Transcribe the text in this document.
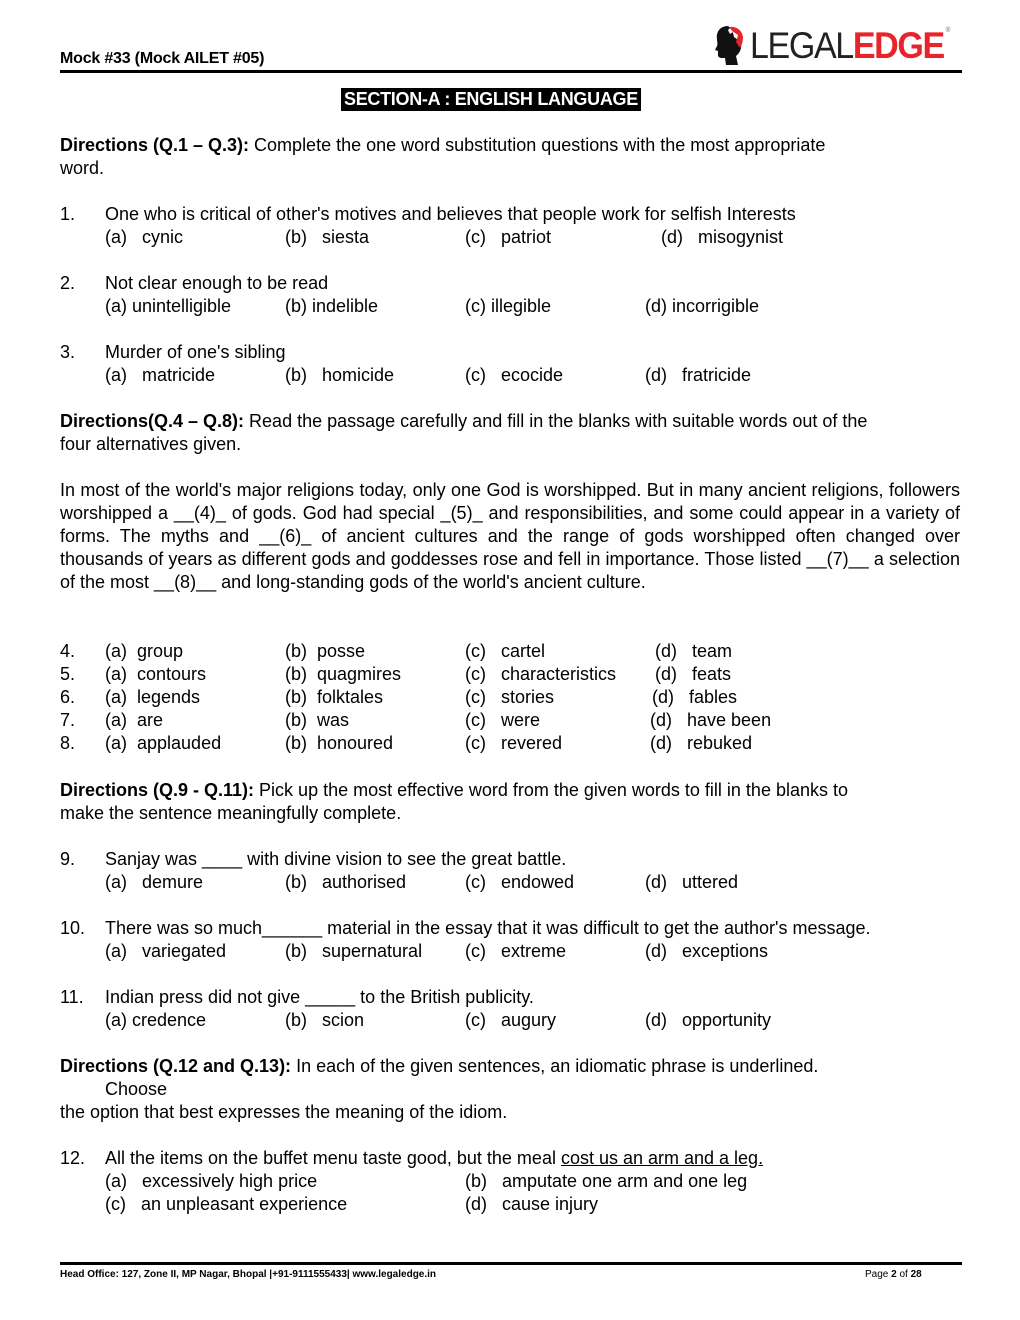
Mock #33 (Mock AILET #05)	LEGALEDGE ®
SECTION-A : ENGLISH LANGUAGE
Directions (Q.1 – Q.3): Complete the one word substitution questions with the most appropriate
word.
1. One who is critical of other's motives and believes that people work for selfish Interests
(a)   cynic	(b)   siesta	(c)   patriot	(d)   misogynist
2. Not clear enough to be read
(a) unintelligible	(b) indelible	(c) illegible	(d) incorrigible
3. Murder of one's sibling
(a)   matricide	(b)   homicide	(c)   ecocide	(d)   fratricide
Directions(Q.4 – Q.8): Read the passage carefully and fill in the blanks with suitable words out of the
four alternatives given.

In most of the world's major religions today, only one God is worshipped. But in many ancient religions, followers worshipped a __(4)_ of gods. God had special _(5)_ and responsibilities, and some could appear in a variety of forms. The myths and __(6)_ of ancient cultures and the range of gods worshipped often changed over thousands of years as different gods and goddesses rose and fell in importance. Those listed __(7)__ a selection of the most __(8)__ and long-standing gods of the world's ancient culture.

4. (a)  group	(b)  posse	(c)   cartel	(d)   team
5. (a)  contours	(b)  quagmires	(c)   characteristics (d)   feats
6. (a)  legends	(b)  folktales	(c)   stories	(d)   fables
7. (a)  are	(b)  was	(c)   were	(d)   have been
8. (a)  applauded	(b)  honoured	(c)   revered	(d)   rebuked
Directions (Q.9 - Q.11): Pick up the most effective word from the given words to fill in the blanks to
make the sentence meaningfully complete.
9. Sanjay was ____ with divine vision to see the great battle.
(a)   demure	(b)   authorised	(c)   endowed	(d)   uttered
10. There was so much______ material in the essay that it was difficult to get the author's message.
(a)   variegated	(b)   supernatural (c)   extreme	(d)   exceptions
11. Indian press did not give _____ to the British publicity.
(a) credence	(b)   scion	(c)   augury	(d)   opportunity
Directions (Q.12 and Q.13): In each of the given sentences, an idiomatic phrase is underlined.
Choose
the option that best expresses the meaning of the idiom.
12. All the items on the buffet menu taste good, but the meal cost us an arm and a leg.
(a)   excessively high price	(b)   amputate one arm and one leg
(c)   an unpleasant experience	(d)   cause injury
Head Office: 127, Zone II, MP Nagar, Bhopal |+91-9111555433| www.legaledge.in	Page 2 of 28
